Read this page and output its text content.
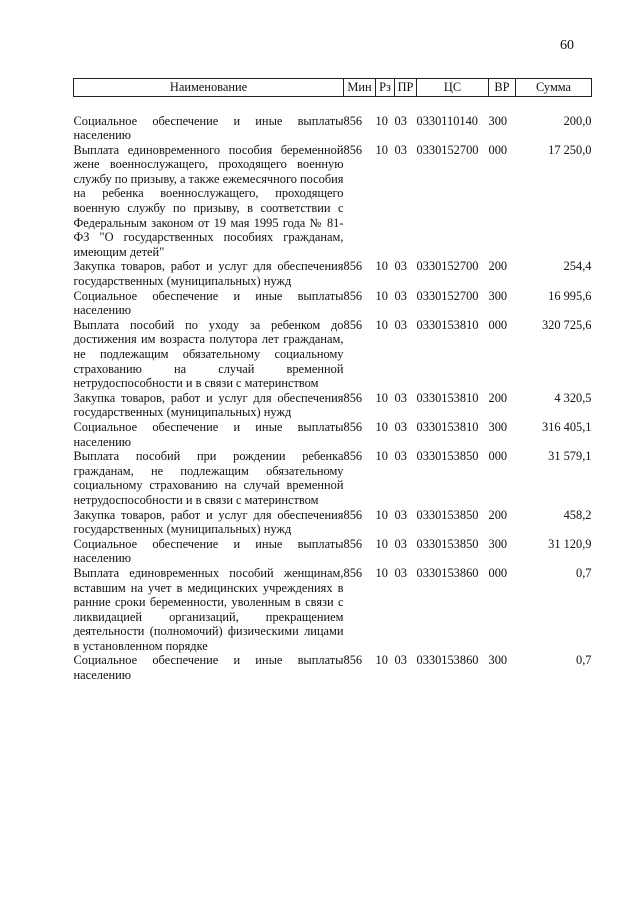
60
Наименование	Мин	Рз	ПР	ЦС	ВР	Сумма

Социальное обеспечение и иные выплаты населению	856	10	03	0330110140	300	200,0
Выплата единовременного пособия беременной жене военнослужащего, проходящего военную службу по призыву, а также ежемесячного пособия на ребенка военнослужащего, проходящего военную службу по призыву, в соответствии с Федеральным законом от 19 мая 1995 года № 81-ФЗ "О государственных пособиях гражданам, имеющим детей"	856	10	03	0330152700	000	17 250,0
Закупка товаров, работ и услуг для обеспечения государственных (муниципальных) нужд	856	10	03	0330152700	200	254,4
Социальное обеспечение и иные выплаты населению	856	10	03	0330152700	300	16 995,6
Выплата пособий по уходу за ребенком до достижения им возраста полутора лет гражданам, не подлежащим обязательному социальному страхованию на случай временной нетрудоспособности и в связи с материнством	856	10	03	0330153810	000	320 725,6
Закупка товаров, работ и услуг для обеспечения государственных (муниципальных) нужд	856	10	03	0330153810	200	4 320,5
Социальное обеспечение и иные выплаты населению	856	10	03	0330153810	300	316 405,1
Выплата пособий при рождении ребенка гражданам, не подлежащим обязательному социальному страхованию на случай временной нетрудоспособности и в связи с материнством	856	10	03	0330153850	000	31 579,1
Закупка товаров, работ и услуг для обеспечения государственных (муниципальных) нужд	856	10	03	0330153850	200	458,2
Социальное обеспечение и иные выплаты населению	856	10	03	0330153850	300	31 120,9
Выплата единовременных пособий женщинам, вставшим на учет в медицинских учреждениях в ранние сроки беременности, уволенным в связи с ликвидацией организаций, прекращением деятельности (полномочий) физическими лицами в установленном порядке	856	10	03	0330153860	000	0,7
Социальное обеспечение и иные выплаты населению	856	10	03	0330153860	300	0,7
